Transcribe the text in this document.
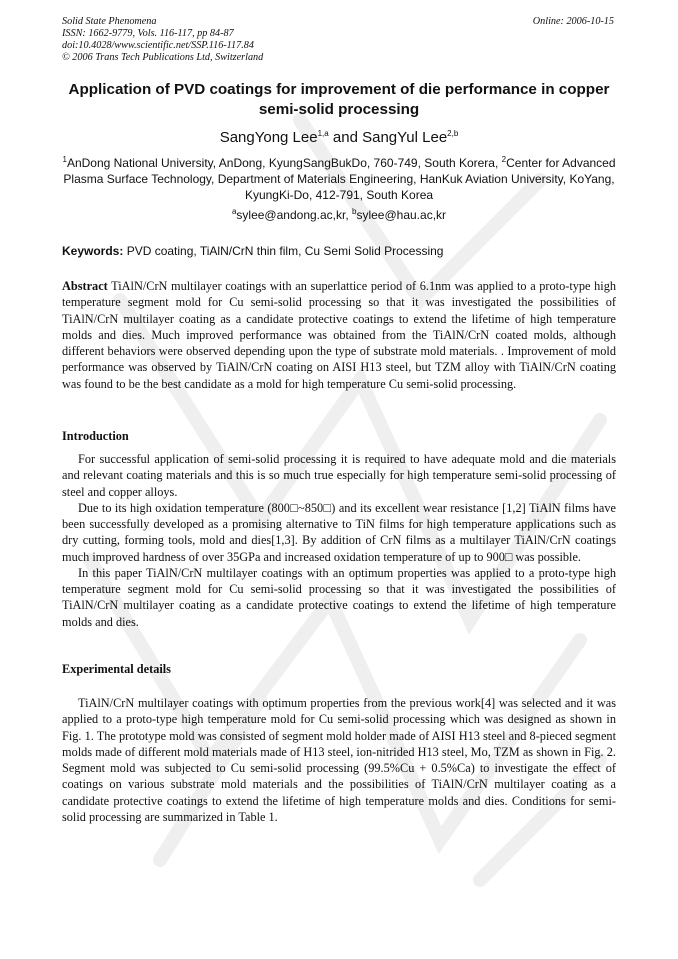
Solid State Phenomena
ISSN: 1662-9779, Vols. 116-117, pp 84-87
doi:10.4028/www.scientific.net/SSP.116-117.84
© 2006 Trans Tech Publications Ltd, Switzerland
Online: 2006-10-15
Application of PVD coatings for improvement of die performance in copper semi-solid processing
SangYong Lee$^{1,a}$ and SangYul Lee$^{2,b}$
$^1$AnDong National University, AnDong, KyungSangBukDo, 760-749, South Korera, $^2$Center for Advanced Plasma Surface Technology, Department of Materials Engineering, HanKuk Aviation University, KoYang, KyungKi-Do, 412-791, South Korea
$^a$sylee@andong.ac,kr, $^b$sylee@hau.ac,kr
Keywords: PVD coating, TiAlN/CrN thin film, Cu Semi Solid Processing
Abstract TiAlN/CrN multilayer coatings with an superlattice period of 6.1nm was applied to a proto-type high temperature segment mold for Cu semi-solid processing so that it was investigated the possibilities of TiAlN/CrN multilayer coating as a candidate protective coatings to extend the lifetime of high temperature molds and dies. Much improved performance was obtained from the TiAlN/CrN coated molds, although different behaviors were observed depending upon the type of substrate mold materials. . Improvement of mold performance was observed by TiAlN/CrN coating on AISI H13 steel, but TZM alloy with TiAlN/CrN coating was found to be the best candidate as a mold for high temperature Cu semi-solid processing.
Introduction

For successful application of semi-solid processing it is required to have adequate mold and die materials and relevant coating materials and this is so much true especially for high temperature semi-solid processing of steel and copper alloys.

Due to its high oxidation temperature (800□~850□) and its excellent wear resistance [1,2] TiAlN films have been successfully developed as a promising alternative to TiN films for high temperature applications such as dry cutting, forming tools, mold and dies[1,3]. By addition of CrN films as a multilayer TiAlN/CrN coatings much improved hardness of over 35GPa and increased oxidation temperature of up to 900□ was possible.

In this paper TiAlN/CrN multilayer coatings with an optimum properties was applied to a proto-type high temperature segment mold for Cu semi-solid processing so that it was investigated the possibilities of TiAlN/CrN multilayer coating as a candidate protective coatings to extend the lifetime of high temperature molds and dies.

Experimental details

TiAlN/CrN multilayer coatings with optimum properties from the previous work[4] was selected and it was applied to a proto-type high temperature mold for Cu semi-solid processing which was designed as shown in Fig. 1. The prototype mold was consisted of segment mold holder made of AISI H13 steel and 8-pieced segment molds made of different mold materials made of H13 steel, ion-nitrided H13 steel, Mo, TZM as shown in Fig. 2. Segment mold was subjected to Cu semi-solid processing (99.5%Cu + 0.5%Ca) to investigate the effect of coatings on various substrate mold materials and the possibilities of TiAlN/CrN multilayer coating as a candidate protective coatings to extend the lifetime of high temperature molds and dies. Conditions for semi-solid processing are summarized in Table 1.
